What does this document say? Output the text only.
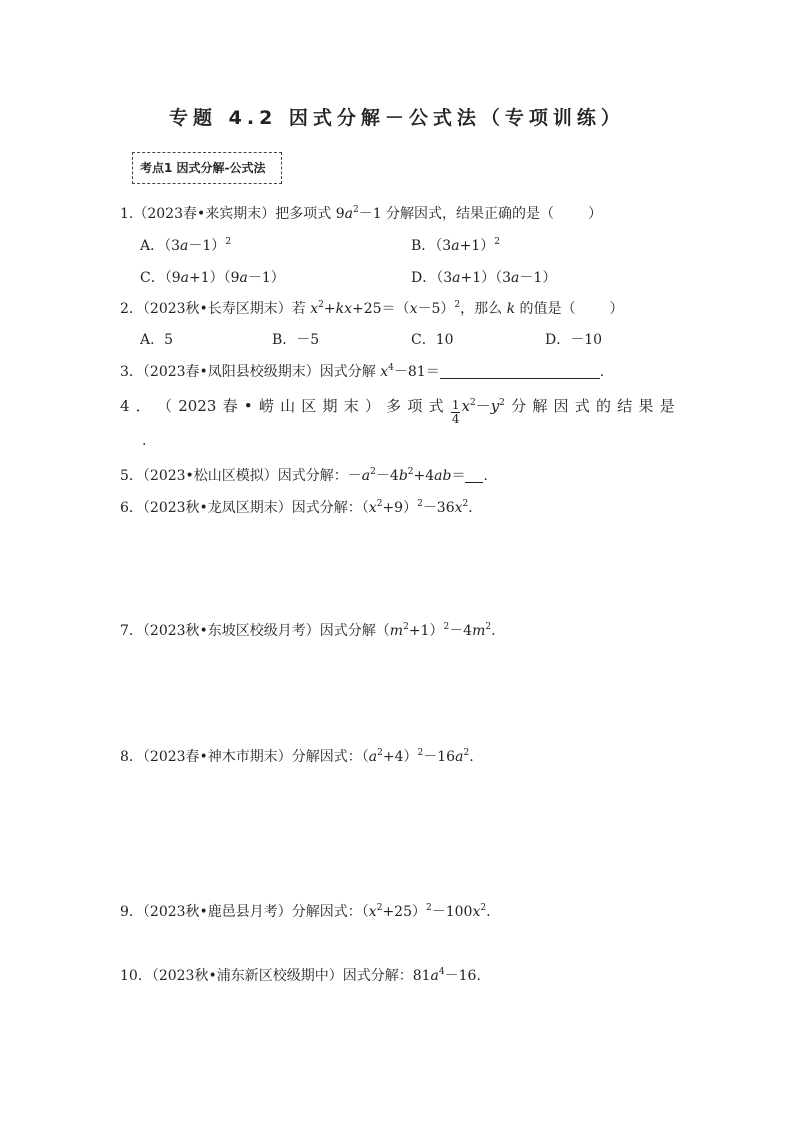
专题 4.2 因式分解－公式法（专项训练）
考点1 因式分解-公式法
1.（2023春•来宾期末）把多项式 $9a^2-1$ 分解因式，结果正确的是（ ）
A．$(3a-1)^2$	B．$(3a+1)^2$
C．（9a+1）（9a－1）	D．（3a+1）（3a－1）
2．（2023秋•长寿区期末）若 $x^2+kx+25=(x-5)^2$，那么 k 的值是（ ）
A．5	B．－5	C．10	D．－10
3．（2023春•凤阳县校级期末）因式分解 $x^4-81=$	.
4 ． （ 2023 春 • 崂 山 区 期 末 ） 多 项 式 $\frac{1}{4} x^2-y^2$ 分 解 因 式 的 结 果 是
.
5．（2023•松山区模拟）因式分解：$-a^2-4b^2+4ab=$ .
6．（2023秋•龙凤区期末）因式分解：$(x^2+9)^2-36x^2$.
7．（2023秋•东坡区校级月考）因式分解$(m^2+1)^2-4m^2$.
8．（2023春•神木市期末）分解因式：$(a^2+4)^2-16a^2$.
9．（2023秋•鹿邑县月考）分解因式：$(x^2+25)^2-100x^2$.
10．（2023秋•浦东新区校级期中）因式分解：$81a^4-16$.
